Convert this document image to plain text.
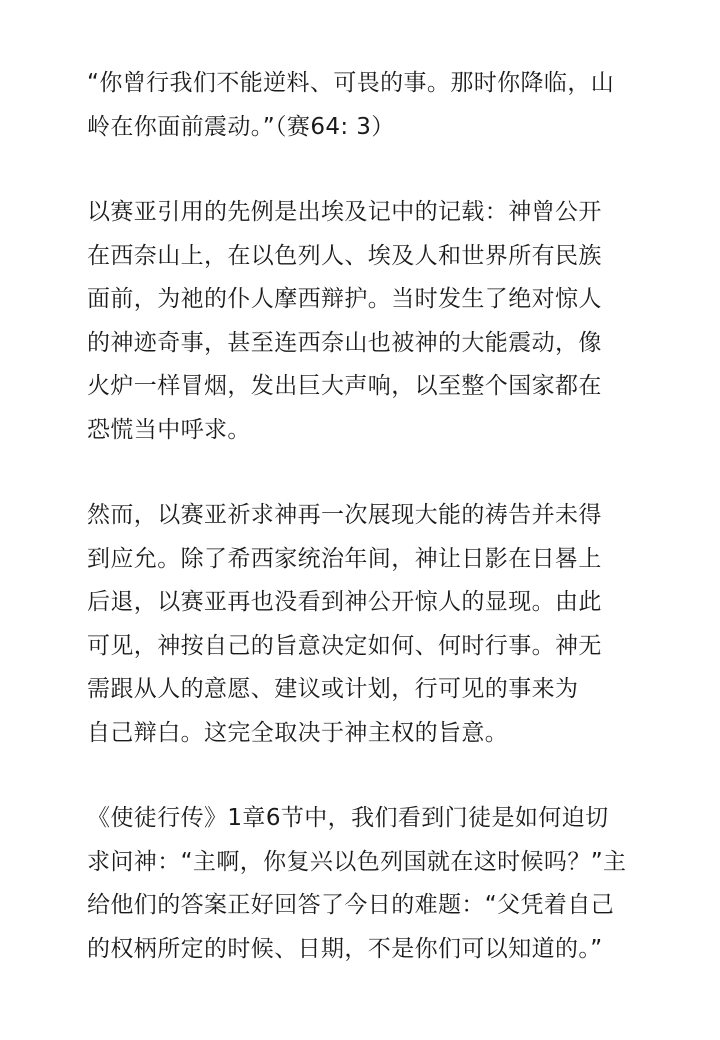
“你曾行我们不能逆料、可畏的事。那时你降临，山
岭在你面前震动。”（赛64: 3）

以赛亚引用的先例是出埃及记中的记载：神曾公开
在西奈山上，在以色列人、埃及人和世界所有民族
面前，为祂的仆人摩西辩护。当时发生了绝对惊人
的神迹奇事，甚至连西奈山也被神的大能震动，像
火炉一样冒烟，发出巨大声响，以至整个国家都在
恐慌当中呼求。

然而，以赛亚祈求神再一次展现大能的祷告并未得
到应允。除了希西家统治年间，神让日影在日晷上
后退，以赛亚再也没看到神公开惊人的显现。由此
可见，神按自己的旨意决定如何、何时行事。神无
需跟从人的意愿、建议或计划，行可见的事来为
自己辩白。这完全取决于神主权的旨意。

《使徒行传》1章6节中，我们看到门徒是如何迫切
求问神：“主啊，你复兴以色列国就在这时候吗？”主
给他们的答案正好回答了今日的难题：“父凭着自己
的权柄所定的时候、日期，不是你们可以知道的。”
